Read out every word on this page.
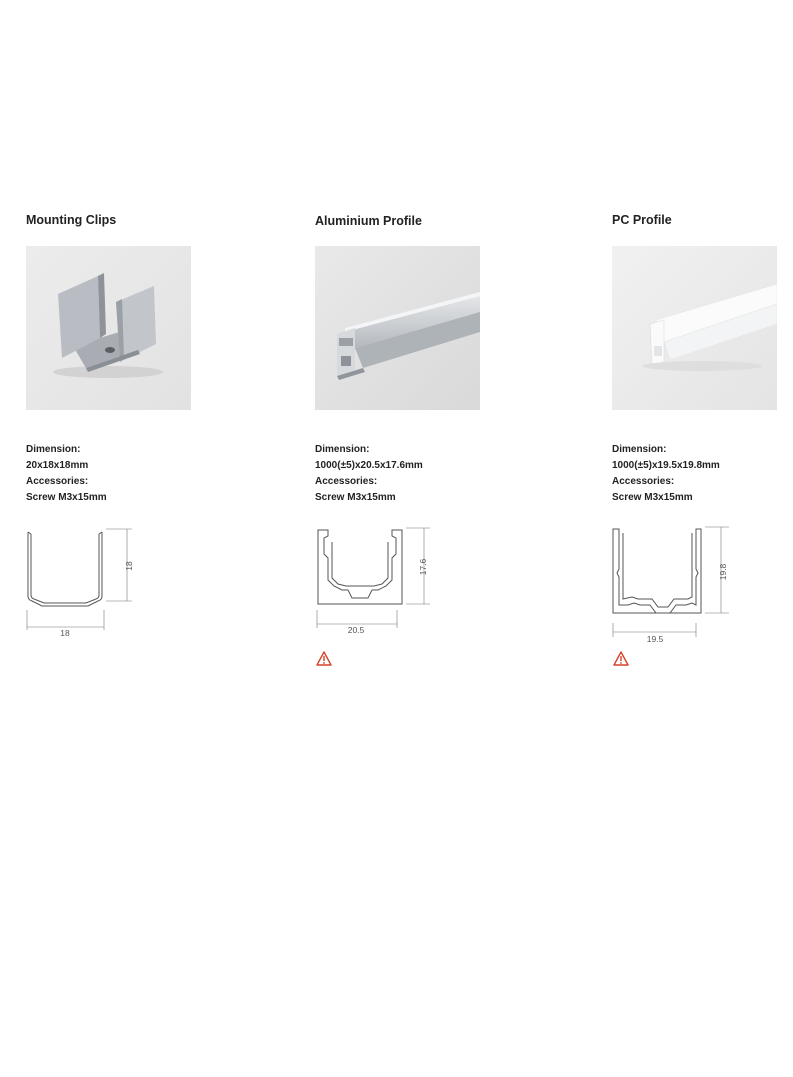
Mounting Clips
Dimension:
20x18x18mm
Accessories:
Screw M3x15mm
18
18
Aluminium Profile
Dimension:
1000(±5)x20.5x17.6mm
Accessories:
Screw M3x15mm
17.6
20.5
PC Profile
Dimension:
1000(±5)x19.5x19.8mm
Accessories:
Screw M3x15mm
19.8
19.5
